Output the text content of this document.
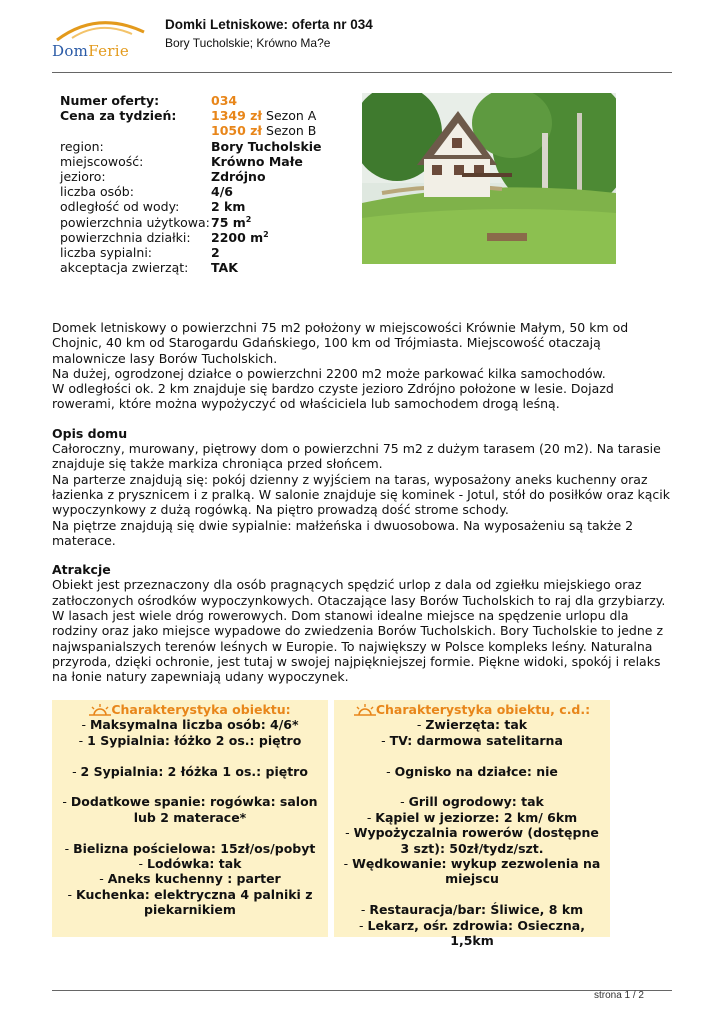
DomFerie
Domki Letniskowe: oferta nr 034
Bory Tucholskie; Krówno Ma?e
Numer oferty:	034
Cena za tydzień:	1349 zł Sezon A
1050 zł Sezon B
region:	Bory Tucholskie
miejscowość:	Krówno Małe
jezioro:	Zdrójno
liczba osób:	4/6
odległość od wody:	2 km
powierzchnia użytkowa: 75 $m^2$
powierzchnia działki:	2200 $m^2$
liczba sypialni:	2
akceptacja zwierząt:	TAK

Domek letniskowy o powierzchni 75 m2 położony w miejscowości Krównie Małym, 50 km od Chojnic, 40 km od Starogardu Gdańskiego, 100 km od Trójmiasta. Miejscowość otaczają malownicze lasy Borów Tucholskich.

Na dużej, ogrodzonej działce o powierzchni 2200 m2 może parkować kilka samochodów.

W odległości ok. 2 km znajduje się bardzo czyste jezioro Zdrójno położone w lesie. Dojazd rowerami, które można wypożyczyć od właściciela lub samochodem drogą leśną.

Opis domu

Całoroczny, murowany, piętrowy dom o powierzchni 75 m2 z dużym tarasem (20 m2). Na tarasie znajduje się także markiza chroniąca przed słońcem.

Na parterze znajdują się: pokój dzienny z wyjściem na taras, wyposażony aneks kuchenny oraz łazienka z prysznicem i z pralką. W salonie znajduje się kominek - Jotul, stół do posiłków oraz kącik wypoczynkowy z dużą rogówką. Na piętro prowadzą dość strome schody.

Na piętrze znajdują się dwie sypialnie: małżeńska i dwuosobowa. Na wyposażeniu są także 2 materace.

Atrakcje

Obiekt jest przeznaczony dla osób pragnących spędzić urlop z dala od zgiełku miejskiego oraz zatłoczonych ośrodków wypoczynkowych. Otaczające lasy Borów Tucholskich to raj dla grzybiarzy. W lasach jest wiele dróg rowerowych. Dom stanowi idealne miejsce na spędzenie urlopu dla rodziny oraz jako miejsce wypadowe do zwiedzenia Borów Tucholskich. Bory Tucholskie to jedne z najwspanialszych terenów leśnych w Europie. To największy w Polsce kompleks leśny. Naturalna przyroda, dzięki ochronie, jest tutaj w swojej najpiękniejszej formie. Piękne widoki, spokój i relaks na łonie natury zapewniają udany wypoczynek.

Charakterystyka obiektu:
- Maksymalna liczba osób: 4/6*
- 1 Sypialnia: łóżko 2 os.: piętro
- 2 Sypialnia: 2 łóżka 1 os.: piętro
- Dodatkowe spanie: rogówka: salon lub 2 materace*
- Bielizna pościelowa: 15zł/os/pobyt
- Lodówka: tak
- Aneks kuchenny : parter
- Kuchenka: elektryczna 4 palniki z piekarnikiem
Charakterystyka obiektu, c.d.:
- Zwierzęta: tak
- TV: darmowa satelitarna
- Ognisko na działce: nie
- Grill ogrodowy: tak
- Kąpiel w jeziorze: 2 km/ 6km
- Wypożyczalnia rowerów (dostępne 3 szt): 50zł/tydz/szt.
- Wędkowanie: wykup zezwolenia na miejscu
- Restauracja/bar: Śliwice, 8 km
- Lekarz, ośr. zdrowia: Osieczna, 1,5km
strona 1 / 2
